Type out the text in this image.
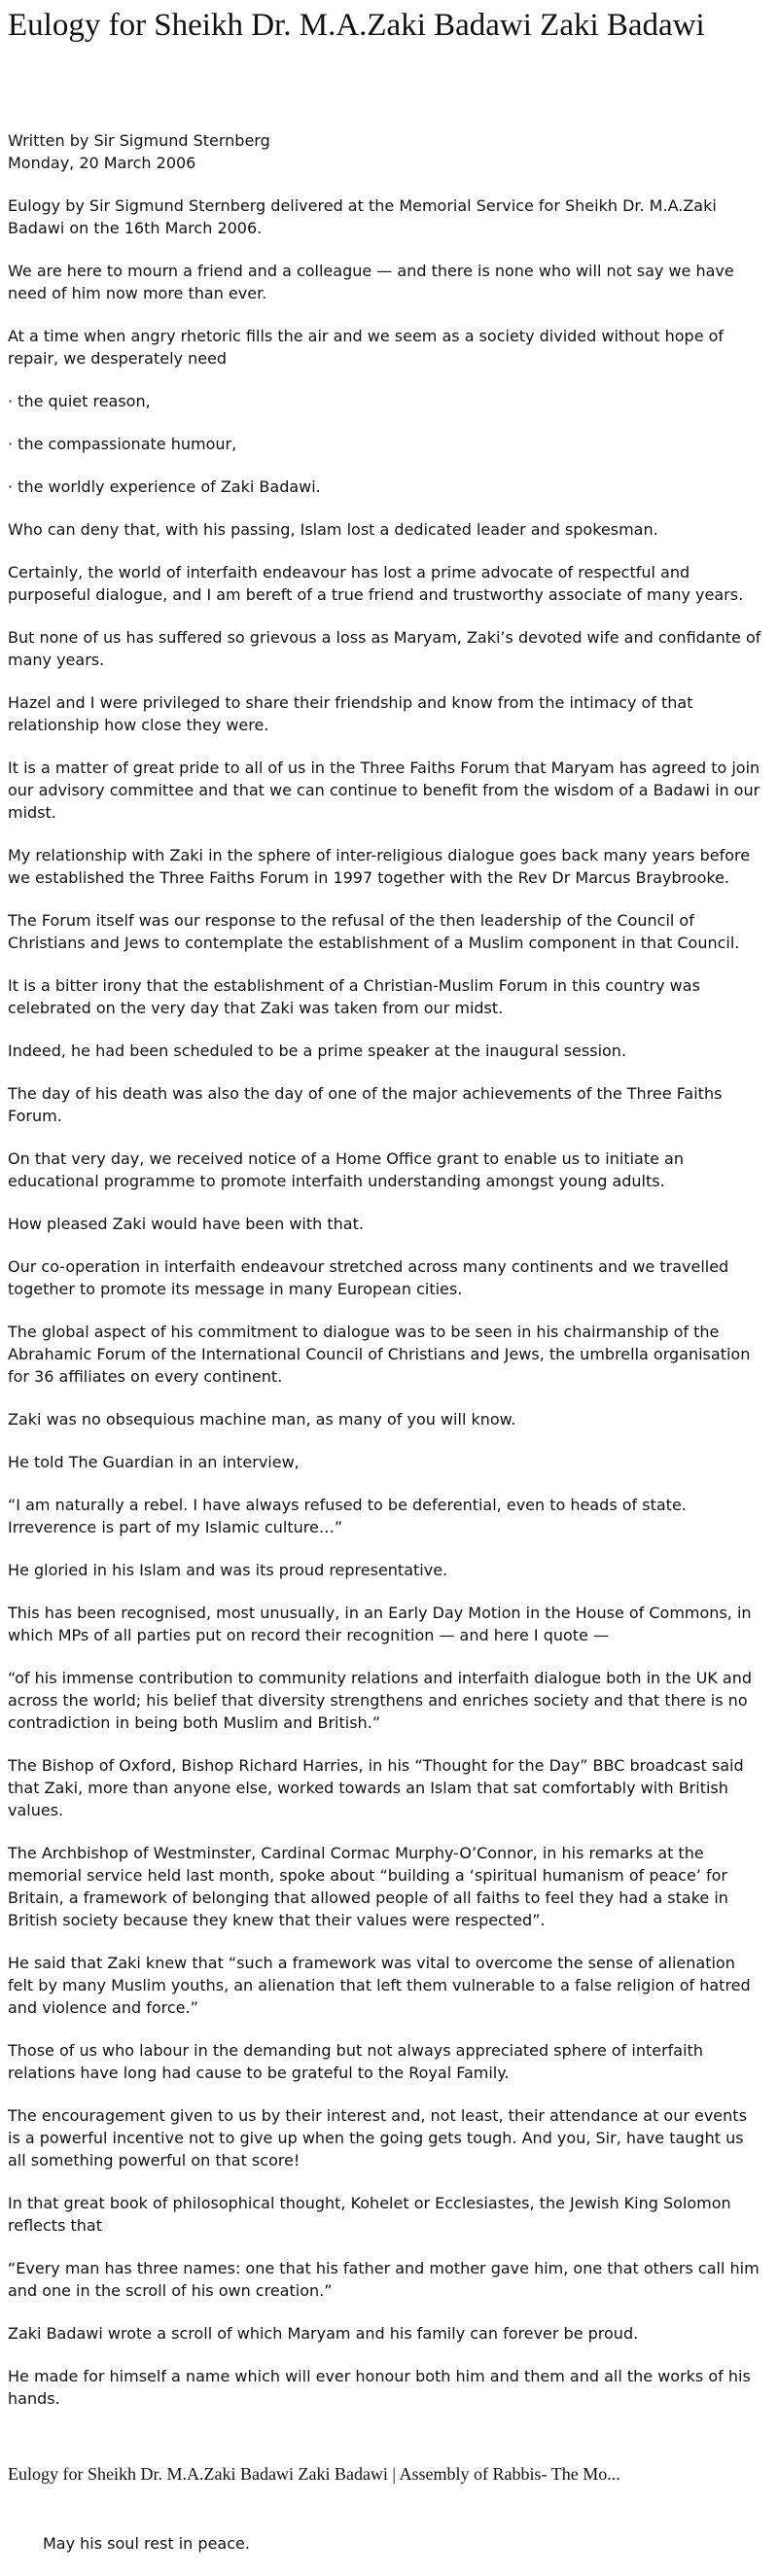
Eulogy for Sheikh Dr. M.A.Zaki Badawi Zaki Badawi
Written by Sir Sigmund Sternberg
Monday, 20 March 2006

Eulogy by Sir Sigmund Sternberg delivered at the Memorial Service for Sheikh Dr. M.A.Zaki Badawi on the 16th March 2006.

We are here to mourn a friend and a colleague — and there is none who will not say we have need of him now more than ever.

At a time when angry rhetoric fills the air and we seem as a society divided without hope of repair, we desperately need

· the quiet reason,

· the compassionate humour,

· the worldly experience of Zaki Badawi.

Who can deny that, with his passing, Islam lost a dedicated leader and spokesman.

Certainly, the world of interfaith endeavour has lost a prime advocate of respectful and purposeful dialogue, and I am bereft of a true friend and trustworthy associate of many years.

But none of us has suffered so grievous a loss as Maryam, Zaki’s devoted wife and confidante of many years.

Hazel and I were privileged to share their friendship and know from the intimacy of that relationship how close they were.

It is a matter of great pride to all of us in the Three Faiths Forum that Maryam has agreed to join our advisory committee and that we can continue to benefit from the wisdom of a Badawi in our midst.

My relationship with Zaki in the sphere of inter-religious dialogue goes back many years before we established the Three Faiths Forum in 1997 together with the Rev Dr Marcus Braybrooke.

The Forum itself was our response to the refusal of the then leadership of the Council of Christians and Jews to contemplate the establishment of a Muslim component in that Council.

It is a bitter irony that the establishment of a Christian-Muslim Forum in this country was celebrated on the very day that Zaki was taken from our midst.

Indeed, he had been scheduled to be a prime speaker at the inaugural session.

The day of his death was also the day of one of the major achievements of the Three Faiths Forum.

On that very day, we received notice of a Home Office grant to enable us to initiate an educational programme to promote interfaith understanding amongst young adults.

How pleased Zaki would have been with that.

Our co-operation in interfaith endeavour stretched across many continents and we travelled together to promote its message in many European cities.

The global aspect of his commitment to dialogue was to be seen in his chairmanship of the Abrahamic Forum of the International Council of Christians and Jews, the umbrella organisation for 36 affiliates on every continent.

Zaki was no obsequious machine man, as many of you will know.

He told The Guardian in an interview,

“I am naturally a rebel. I have always refused to be deferential, even to heads of state. Irreverence is part of my Islamic culture…”

He gloried in his Islam and was its proud representative.

This has been recognised, most unusually, in an Early Day Motion in the House of Commons, in which MPs of all parties put on record their recognition — and here I quote —

“of his immense contribution to community relations and interfaith dialogue both in the UK and across the world; his belief that diversity strengthens and enriches society and that there is no contradiction in being both Muslim and British.”

The Bishop of Oxford, Bishop Richard Harries, in his “Thought for the Day” BBC broadcast said that Zaki, more than anyone else, worked towards an Islam that sat comfortably with British values.

The Archbishop of Westminster, Cardinal Cormac Murphy-O’Connor, in his remarks at the memorial service held last month, spoke about “building a ‘spiritual humanism of peace’ for Britain, a framework of belonging that allowed people of all faiths to feel they had a stake in British society because they knew that their values were respected”.

He said that Zaki knew that “such a framework was vital to overcome the sense of alienation felt by many Muslim youths, an alienation that left them vulnerable to a false religion of hatred and violence and force.”

Those of us who labour in the demanding but not always appreciated sphere of interfaith relations have long had cause to be grateful to the Royal Family.

The encouragement given to us by their interest and, not least, their attendance at our events is a powerful incentive not to give up when the going gets tough. And you, Sir, have taught us all something powerful on that score!

In that great book of philosophical thought, Kohelet or Ecclesiastes, the Jewish King Solomon reflects that

“Every man has three names: one that his father and mother gave him, one that others call him and one in the scroll of his own creation.”

Zaki Badawi wrote a scroll of which Maryam and his family can forever be proud.

He made for himself a name which will ever honour both him and them and all the works of his hands.

Eulogy for Sheikh Dr. M.A.Zaki Badawi Zaki Badawi | Assembly of Rabbis- The Mo...

May his soul rest in peace.
